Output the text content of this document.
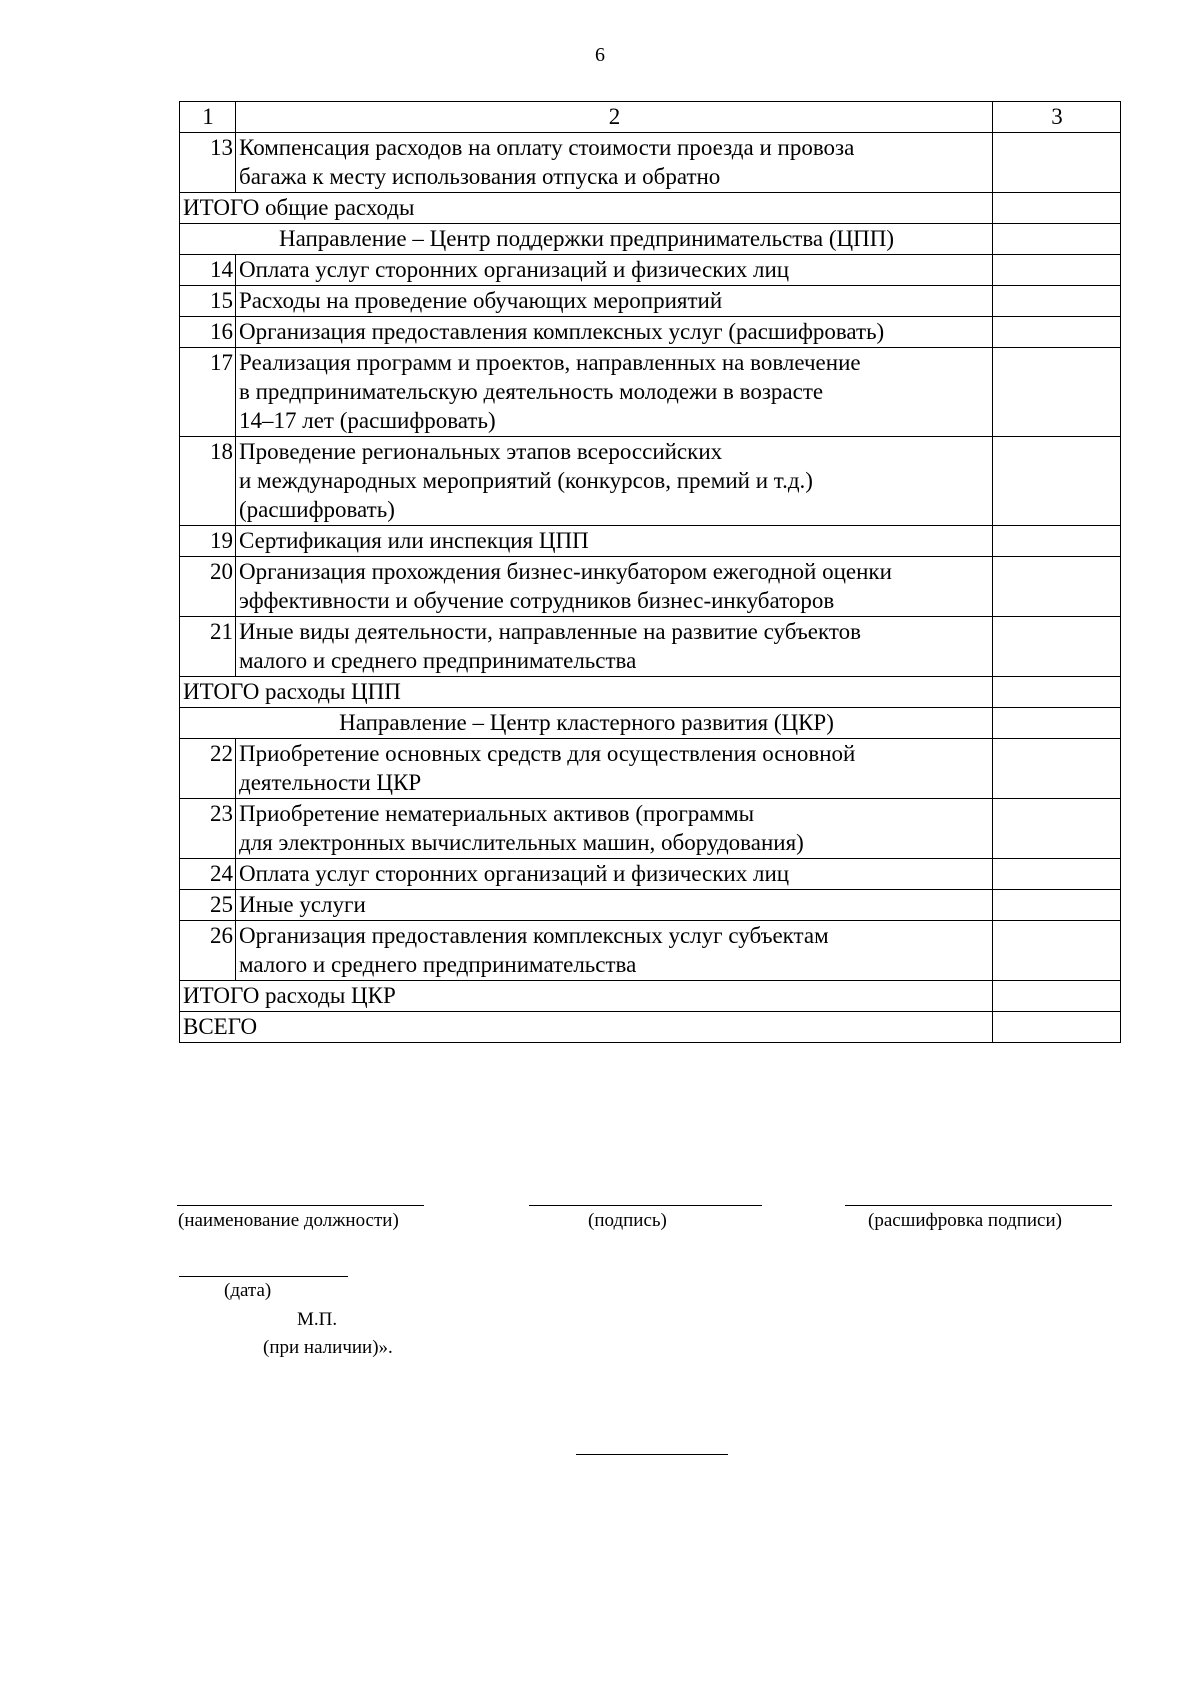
6
1	2	3
13	Компенсация расходов на оплату стоимости проезда и провоза
багажа к месту использования отпуска и обратно	

ИТОГО общие расходы		
Направление – Центр поддержки предпринимательства (ЦПП)		
14	Оплата услуг сторонних организаций и физических лиц	

15	Расходы на проведение обучающих мероприятий	

16	Организация предоставления комплексных услуг (расшифровать)	

17	Реализация программ и проектов, направленных на вовлечение
в предпринимательскую деятельность молодежи в возрасте
14–17 лет (расшифровать)	

18	Проведение региональных этапов всероссийских
и международных мероприятий (конкурсов, премий и т.д.)
(расшифровать)	

19	Сертификация или инспекция ЦПП	

20	Организация прохождения бизнес-инкубатором ежегодной оценки
эффективности и обучение сотрудников бизнес-инкубаторов	

21	Иные виды деятельности, направленные на развитие субъектов
малого и среднего предпринимательства	

ИТОГО расходы ЦПП		
Направление – Центр кластерного развития (ЦКР)		
22	Приобретение основных средств для осуществления основной
деятельности ЦКР	

23	Приобретение нематериальных активов (программы
для электронных вычислительных машин, оборудования)	

24	Оплата услуг сторонних организаций и физических лиц	

25	Иные услуги	

26	Организация предоставления комплексных услуг субъектам
малого и среднего предпринимательства	

ИТОГО расходы ЦКР		
ВСЕГО		
(наименование должности)	(подпись)	(расшифровка подписи)
(дата)
М.П.
(при наличии)».
